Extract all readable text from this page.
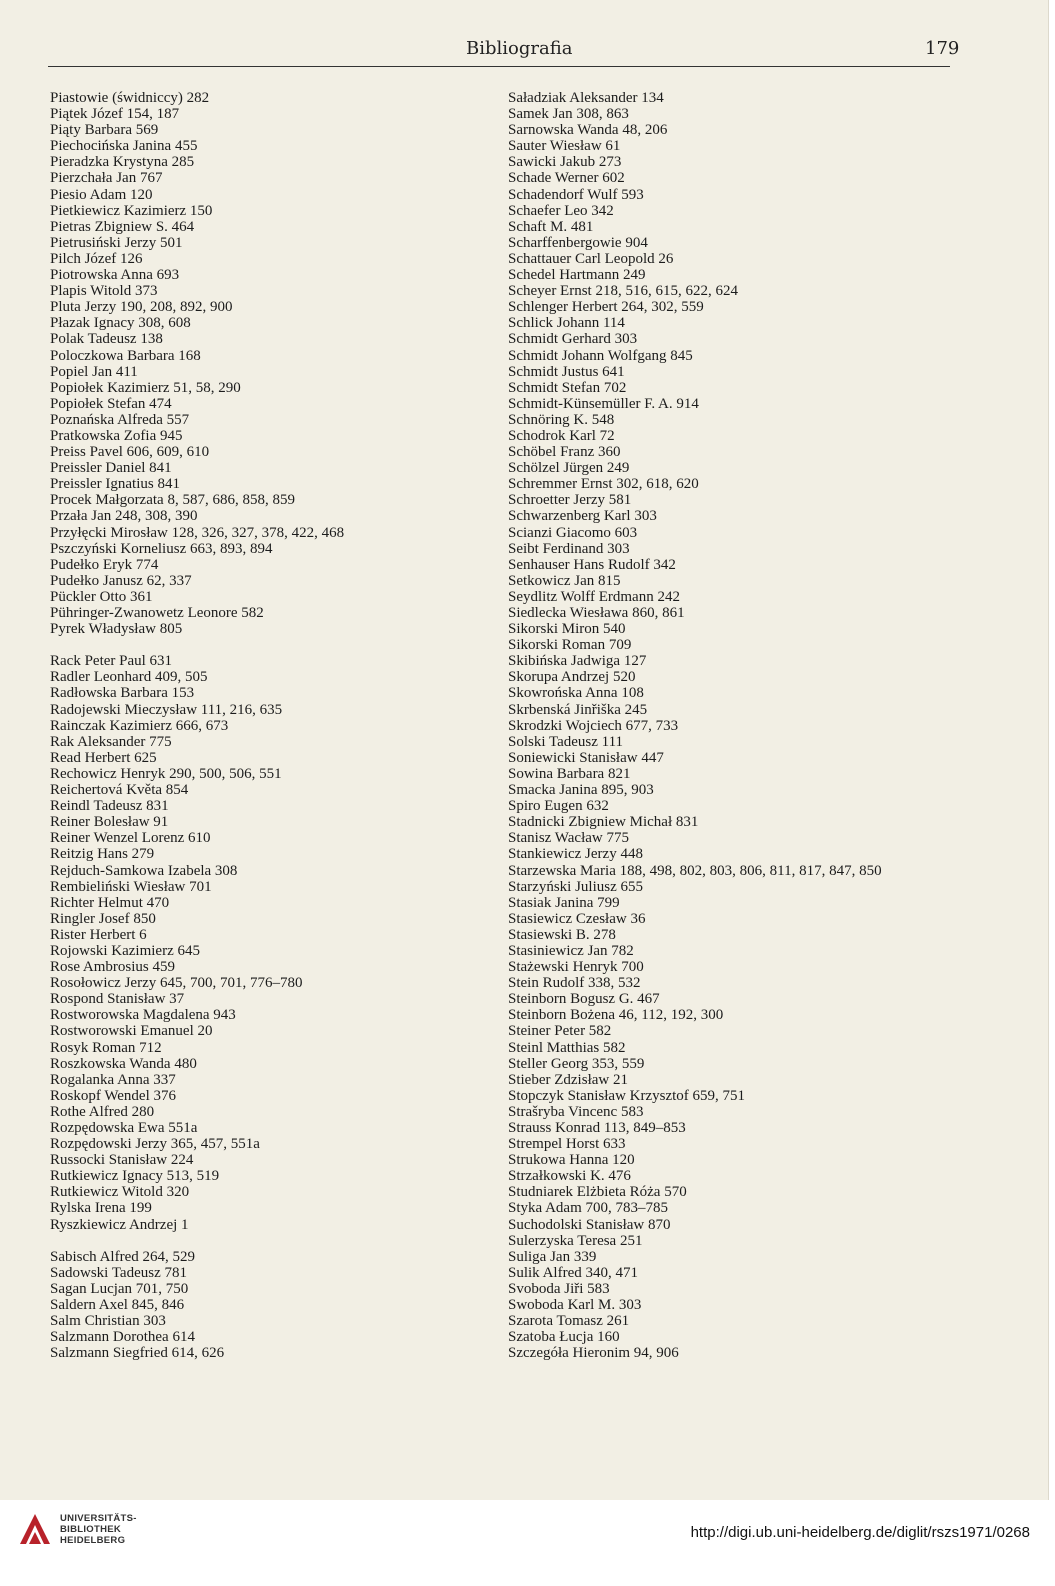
Bibliografia	179
Piastowie (świdniccy) 282
Piątek Józef 154, 187
Piąty Barbara 569
Piechocińska Janina 455
Pieradzka Krystyna 285
Pierzchała Jan 767
Piesio Adam 120
Pietkiewicz Kazimierz 150
Pietras Zbigniew S. 464
Pietrusiński Jerzy 501
Pilch Józef 126
Piotrowska Anna 693
Plapis Witold 373
Pluta Jerzy 190, 208, 892, 900
Płazak Ignacy 308, 608
Polak Tadeusz 138
Poloczkowa Barbara 168
Popiel Jan 411
Popiołek Kazimierz 51, 58, 290
Popiołek Stefan 474
Poznańska Alfreda 557
Pratkowska Zofia 945
Preiss Pavel 606, 609, 610
Preissler Daniel 841
Preissler Ignatius 841
Procek Małgorzata 8, 587, 686, 858, 859
Przała Jan 248, 308, 390
Przyłęcki Mirosław 128, 326, 327, 378, 422, 468
Pszczyński Korneliusz 663, 893, 894
Pudełko Eryk 774
Pudełko Janusz 62, 337
Pückler Otto 361
Pühringer-Zwanowetz Leonore 582
Pyrek Władysław 805
Rack Peter Paul 631
Radler Leonhard 409, 505
Radłowska Barbara 153
Radojewski Mieczysław 111, 216, 635
Rainczak Kazimierz 666, 673
Rak Aleksander 775
Read Herbert 625
Rechowicz Henryk 290, 500, 506, 551
Reichertová Květa 854
Reindl Tadeusz 831
Reiner Bolesław 91
Reiner Wenzel Lorenz 610
Reitzig Hans 279
Rejduch-Samkowa Izabela 308
Rembieliński Wiesław 701
Richter Helmut 470
Ringler Josef 850
Rister Herbert 6
Rojowski Kazimierz 645
Rose Ambrosius 459
Rosołowicz Jerzy 645, 700, 701, 776–780
Rospond Stanisław 37
Rostworowska Magdalena 943
Rostworowski Emanuel 20
Rosyk Roman 712
Roszkowska Wanda 480
Rogalanka Anna 337
Roskopf Wendel 376
Rothe Alfred 280
Rozpędowska Ewa 551a
Rozpędowski Jerzy 365, 457, 551a
Russocki Stanisław 224
Rutkiewicz Ignacy 513, 519
Rutkiewicz Witold 320
Rylska Irena 199
Ryszkiewicz Andrzej 1
Sabisch Alfred 264, 529
Sadowski Tadeusz 781
Sagan Lucjan 701, 750
Saldern Axel 845, 846
Salm Christian 303
Salzmann Dorothea 614
Salzmann Siegfried 614, 626
Saładziak Aleksander 134
Samek Jan 308, 863
Sarnowska Wanda 48, 206
Sauter Wiesław 61
Sawicki Jakub 273
Schade Werner 602
Schadendorf Wulf 593
Schaefer Leo 342
Schaft M. 481
Scharffenbergowie 904
Schattauer Carl Leopold 26
Schedel Hartmann 249
Scheyer Ernst 218, 516, 615, 622, 624
Schlenger Herbert 264, 302, 559
Schlick Johann 114
Schmidt Gerhard 303
Schmidt Johann Wolfgang 845
Schmidt Justus 641
Schmidt Stefan 702
Schmidt-Künsemüller F. A. 914
Schnöring K. 548
Schodrok Karl 72
Schöbel Franz 360
Schölzel Jürgen 249
Schremmer Ernst 302, 618, 620
Schroetter Jerzy 581
Schwarzenberg Karl 303
Scianzi Giacomo 603
Seibt Ferdinand 303
Senhauser Hans Rudolf 342
Setkowicz Jan 815
Seydlitz Wolff Erdmann 242
Siedlecka Wiesława 860, 861
Sikorski Miron 540
Sikorski Roman 709
Skibińska Jadwiga 127
Skorupa Andrzej 520
Skowrońska Anna 108
Skrbenská Jinřiška 245
Skrodzki Wojciech 677, 733
Solski Tadeusz 111
Soniewicki Stanisław 447
Sowina Barbara 821
Smacka Janina 895, 903
Spiro Eugen 632
Stadnicki Zbigniew Michał 831
Stanisz Wacław 775
Stankiewicz Jerzy 448
Starzewska Maria 188, 498, 802, 803, 806, 811, 817, 847, 850
Starzyński Juliusz 655
Stasiak Janina 799
Stasiewicz Czesław 36
Stasiewski B. 278
Stasiniewicz Jan 782
Stażewski Henryk 700
Stein Rudolf 338, 532
Steinborn Bogusz G. 467
Steinborn Bożena 46, 112, 192, 300
Steiner Peter 582
Steinl Matthias 582
Steller Georg 353, 559
Stieber Zdzisław 21
Stopczyk Stanisław Krzysztof 659, 751
Strašryba Vincenc 583
Strauss Konrad 113, 849–853
Strempel Horst 633
Strukowa Hanna 120
Strzałkowski K. 476
Studniarek Elżbieta Róża 570
Styka Adam 700, 783–785
Suchodolski Stanisław 870
Sulerzyska Teresa 251
Suliga Jan 339
Sulik Alfred 340, 471
Svoboda Jiři 583
Swoboda Karl M. 303
Szarota Tomasz 261
Szatoba Łucja 160
Szczegóła Hieronim 94, 906
UNIVERSITÄTS-
BIBLIOTHEK
HEIDELBERG	http://digi.ub.uni-heidelberg.de/diglit/rszs1971/0268
